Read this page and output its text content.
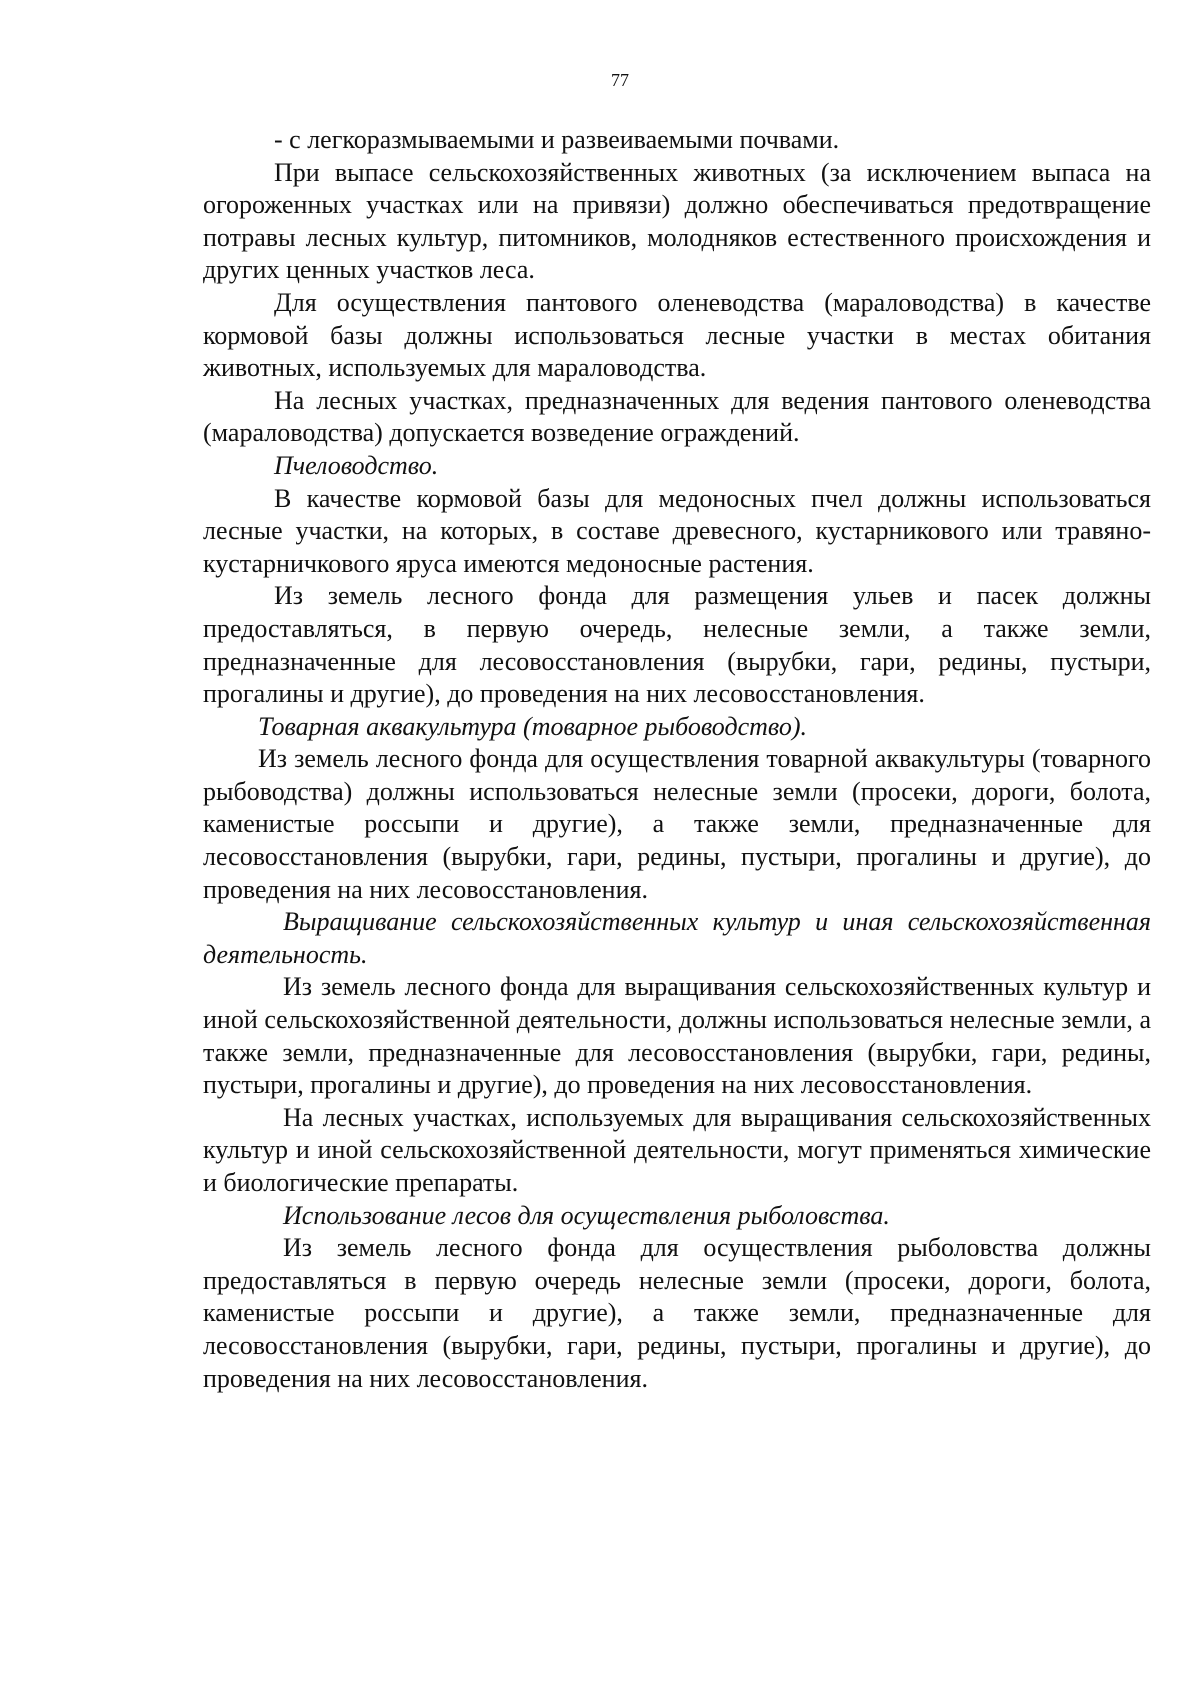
77

- с легкоразмываемыми и развеиваемыми почвами.

При выпасе сельскохозяйственных животных (за исключением выпаса на огороженных участках или на привязи) должно обеспечиваться предотвращение потравы лесных культур, питомников, молодняков естественного происхождения и других ценных участков леса.

Для осуществления пантового оленеводства (мараловодства) в качестве кормовой базы должны использоваться лесные участки в местах обитания животных, используемых для мараловодства.

На лесных участках, предназначенных для ведения пантового оленеводства (мараловодства) допускается возведение ограждений.

Пчеловодство.

В качестве кормовой базы для медоносных пчел должны использоваться лесные участки, на которых, в составе древесного, кустарникового или травяно-кустарничкового яруса имеются медоносные растения.

Из земель лесного фонда для размещения ульев и пасек должны предоставляться, в первую очередь, нелесные земли, а также земли, предназначенные для лесовосстановления (вырубки, гари, редины, пустыри, прогалины и другие), до проведения на них лесовосстановления.

Товарная аквакультура (товарное рыбоводство).

Из земель лесного фонда для осуществления товарной аквакультуры (товарного рыбоводства) должны использоваться нелесные земли (просеки, дороги, болота, каменистые россыпи и другие), а также земли, предназначенные для лесовосстановления (вырубки, гари, редины, пустыри, прогалины и другие), до проведения на них лесовосстановления.

Выращивание сельскохозяйственных культур и иная сельскохозяйственная деятельность.

Из земель лесного фонда для выращивания сельскохозяйственных культур и иной сельскохозяйственной деятельности, должны использоваться нелесные земли, а также земли, предназначенные для лесовосстановления (вырубки, гари, редины, пустыри, прогалины и другие), до проведения на них лесовосстановления.

На лесных участках, используемых для выращивания сельскохозяйственных культур и иной сельскохозяйственной деятельности, могут применяться химические и биологические препараты.

Использование лесов для осуществления рыболовства.

Из земель лесного фонда для осуществления рыболовства должны предоставляться в первую очередь нелесные земли (просеки, дороги, болота, каменистые россыпи и другие), а также земли, предназначенные для лесовосстановления (вырубки, гари, редины, пустыри, прогалины и другие), до проведения на них лесовосстановления.
